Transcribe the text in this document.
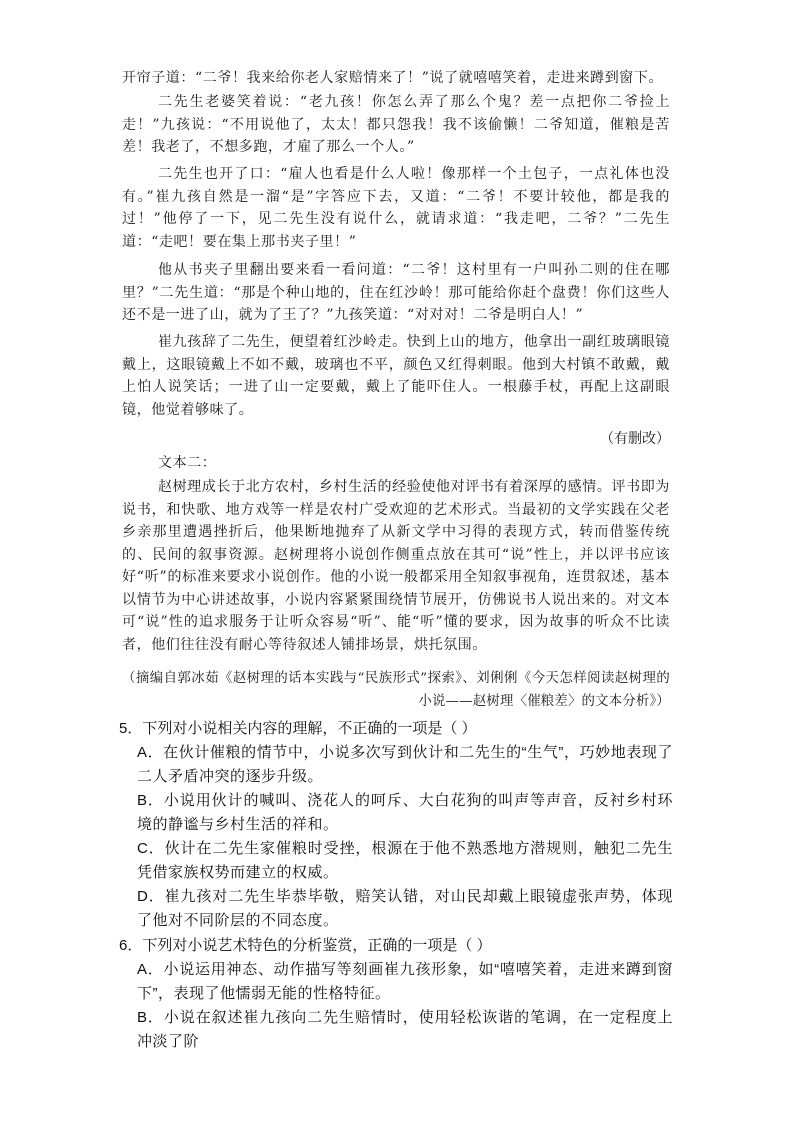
开帘子道：“二爷！我来给你老人家赔情来了！”说了就嘻嘻笑着，走进来蹲到窗下。
二先生老婆笑着说：“老九孩！你怎么弄了那么个鬼？差一点把你二爷捡上走！”九孩说：“不用说他了，太太！都只怨我！我不该偷懒！二爷知道，催粮是苦差！我老了，不想多跑，才雇了那么一个人。”
二先生也开了口：“雇人也看是什么人啦！像那样一个土包子，一点礼体也没有。”崔九孩自然是一溜“是”字答应下去，又道：“二爷！不要计较他，都是我的过！”他停了一下，见二先生没有说什么，就请求道：“我走吧，二爷？”二先生道：“走吧！要在集上那书夹子里！”
他从书夹子里翻出要来看一看问道：“二爷！这村里有一户叫孙二则的住在哪里？”二先生道：“那是个种山地的，住在红沙岭！那可能给你赶个盘费！你们这些人还不是一进了山，就为了王了？”九孩笑道：“对对对！二爷是明白人！”
崔九孩辞了二先生，便望着红沙岭走。快到上山的地方，他拿出一副红玻璃眼镜戴上，这眼镜戴上不如不戴，玻璃也不平，颜色又红得刺眼。他到大村镇不敢戴，戴上怕人说笑话；一进了山一定要戴，戴上了能吓住人。一根藤手杖，再配上这副眼镜，他觉着够味了。
（有删改）
文本二：
赵树理成长于北方农村，乡村生活的经验使他对评书有着深厚的感情。评书即为说书，和快歌、地方戏等一样是农村广受欢迎的艺术形式。当最初的文学实践在父老乡亲那里遭遇挫折后，他果断地抛弃了从新文学中习得的表现方式，转而借鉴传统的、民间的叙事资源。赵树理将小说创作侧重点放在其可“说”性上，并以评书应该好“听”的标准来要求小说创作。他的小说一般都采用全知叙事视角，连贯叙述，基本以情节为中心讲述故事，小说内容紧紧围绕情节展开，仿佛说书人说出来的。对文本可“说”性的追求服务于让听众容易“听”、能“听”懂的要求，因为故事的听众不比读者，他们往往没有耐心等待叙述人铺排场景，烘托氛围。
（摘编自郭冰茹《赵树理的话本实践与“民族形式”探索》、刘俐俐《今天怎样阅读赵树理的小说——赵树理〈催粮差〉的文本分析》）
5．下列对小说相关内容的理解，不正确的一项是（ ）
A．在伙计催粮的情节中，小说多次写到伙计和二先生的“生气”，巧妙地表现了二人矛盾冲突的逐步升级。
B．小说用伙计的喊叫、浇花人的呵斥、大白花狗的叫声等声音，反衬乡村环境的静谧与乡村生活的祥和。
C．伙计在二先生家催粮时受挫，根源在于他不熟悉地方潜规则，触犯二先生凭借家族权势而建立的权威。
D．崔九孩对二先生毕恭毕敬，赔笑认错，对山民却戴上眼镜虚张声势，体现了他对不同阶层的不同态度。
6．下列对小说艺术特色的分析鉴赏，正确的一项是（ ）
A．小说运用神态、动作描写等刻画崔九孩形象，如“嘻嘻笑着，走进来蹲到窗下”，表现了他懦弱无能的性格特征。
B．小说在叙述崔九孩向二先生赔情时，使用轻松诙谐的笔调，在一定程度上冲淡了阶
